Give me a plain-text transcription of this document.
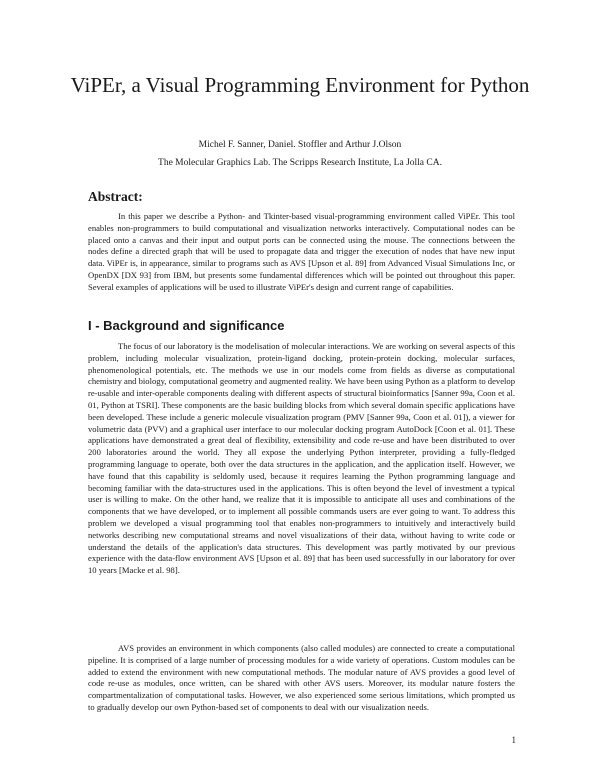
ViPEr, a Visual Programming Environment for Python
Michel F. Sanner, Daniel. Stoffler and Arthur J.Olson
The Molecular Graphics Lab. The Scripps Research Institute, La Jolla CA.
Abstract:

In this paper we describe a Python- and Tkinter-based visual-programming environment called ViPEr. This tool enables non-programmers to build computational and visualization networks interactively. Computational nodes can be placed onto a canvas and their input and output ports can be connected using the mouse. The connections between the nodes define a directed graph that will be used to propagate data and trigger the execution of nodes that have new input data. ViPEr is, in appearance, similar to programs such as AVS [Upson et al. 89] from Advanced Visual Simulations Inc, or OpenDX [DX 93] from IBM, but presents some fundamental differences which will be pointed out throughout this paper. Several examples of applications will be used to illustrate ViPEr's design and current range of capabilities.

I - Background and significance

The focus of our laboratory is the modelisation of molecular interactions. We are working on several aspects of this problem, including molecular visualization, protein-ligand docking, protein-protein docking, molecular surfaces, phenomenological potentials, etc. The methods we use in our models come from fields as diverse as computational chemistry and biology, computational geometry and augmented reality. We have been using Python as a platform to develop re-usable and inter-operable components dealing with different aspects of structural bioinformatics [Sanner 99a, Coon et al. 01, Python at TSRI]. These components are the basic building blocks from which several domain specific applications have been developed. These include a generic molecule visualization program (PMV [Sanner 99a, Coon et al. 01]), a viewer for volumetric data (PVV) and a graphical user interface to our molecular docking program AutoDock [Coon et al. 01]. These applications have demonstrated a great deal of flexibility, extensibility and code re-use and have been distributed to over 200 laboratories around the world. They all expose the underlying Python interpreter, providing a fully-fledged programming language to operate, both over the data structures in the application, and the application itself. However, we have found that this capability is seldomly used, because it requires learning the Python programming language and becoming familiar with the data-structures used in the applications. This is often beyond the level of investment a typical user is willing to make. On the other hand, we realize that it is impossible to anticipate all uses and combinations of the components that we have developed, or to implement all possible commands users are ever going to want. To address this problem we developed a visual programming tool that enables non-programmers to intuitively and interactively build networks describing new computational streams and novel visualizations of their data, without having to write code or understand the details of the application's data structures. This development was partly motivated by our previous experience with the data-flow environment AVS [Upson et al. 89] that has been used successfully in our laboratory for over 10 years [Macke et al. 98].

AVS provides an environment in which components (also called modules) are connected to create a computational pipeline. It is comprised of a large number of processing modules for a wide variety of operations. Custom modules can be added to extend the environment with new computational methods. The modular nature of AVS provides a good level of code re-use as modules, once written, can be shared with other AVS users. Moreover, its modular nature fosters the compartmentalization of computational tasks. However, we also experienced some serious limitations, which prompted us to gradually develop our own Python-based set of components to deal with our visualization needs.

1
